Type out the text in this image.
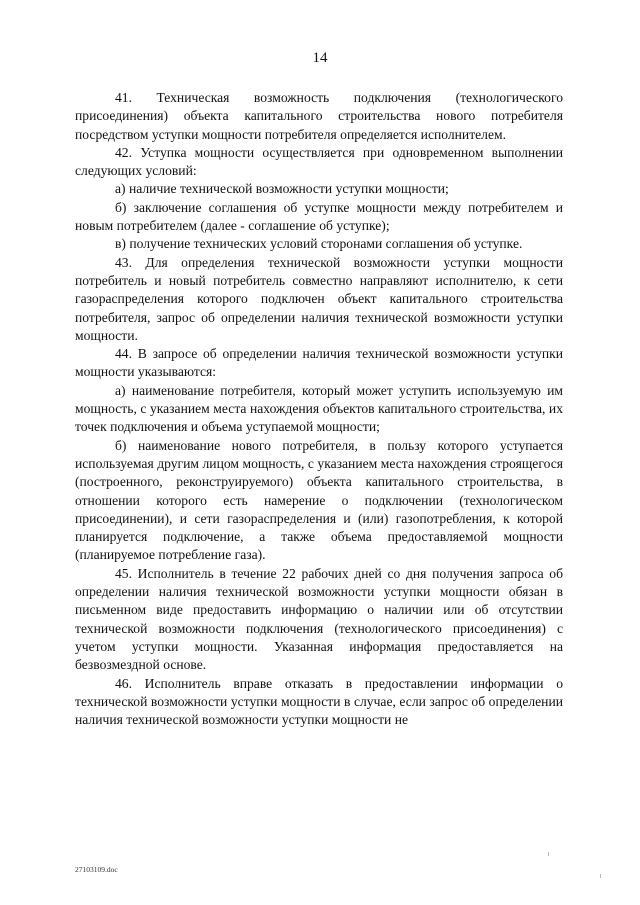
14

41. Техническая возможность подключения (технологического присоединения) объекта капитального строительства нового потребителя посредством уступки мощности потребителя определяется исполнителем.

42. Уступка мощности осуществляется при одновременном выполнении следующих условий:

а) наличие технической возможности уступки мощности;

б) заключение соглашения об уступке мощности между потребителем и новым потребителем (далее - соглашение об уступке);

в) получение технических условий сторонами соглашения об уступке.

43. Для определения технической возможности уступки мощности потребитель и новый потребитель совместно направляют исполнителю, к сети газораспределения которого подключен объект капитального строительства потребителя, запрос об определении наличия технической возможности уступки мощности.

44. В запросе об определении наличия технической возможности уступки мощности указываются:

а) наименование потребителя, который может уступить используемую им мощность, с указанием места нахождения объектов капитального строительства, их точек подключения и объема уступаемой мощности;

б) наименование нового потребителя, в пользу которого уступается используемая другим лицом мощность, с указанием места нахождения строящегося (построенного, реконструируемого) объекта капитального строительства, в отношении которого есть намерение о подключении (технологическом присоединении), и сети газораспределения и (или) газопотребления, к которой планируется подключение, а также объема предоставляемой мощности (планируемое потребление газа).

45. Исполнитель в течение 22 рабочих дней со дня получения запроса об определении наличия технической возможности уступки мощности обязан в письменном виде предоставить информацию о наличии или об отсутствии технической возможности подключения (технологического присоединения) с учетом уступки мощности. Указанная информация предоставляется на безвозмездной основе.

46. Исполнитель вправе отказать в предоставлении информации о технической возможности уступки мощности в случае, если запрос об определении наличия технической возможности уступки мощности не

27103109.doc
